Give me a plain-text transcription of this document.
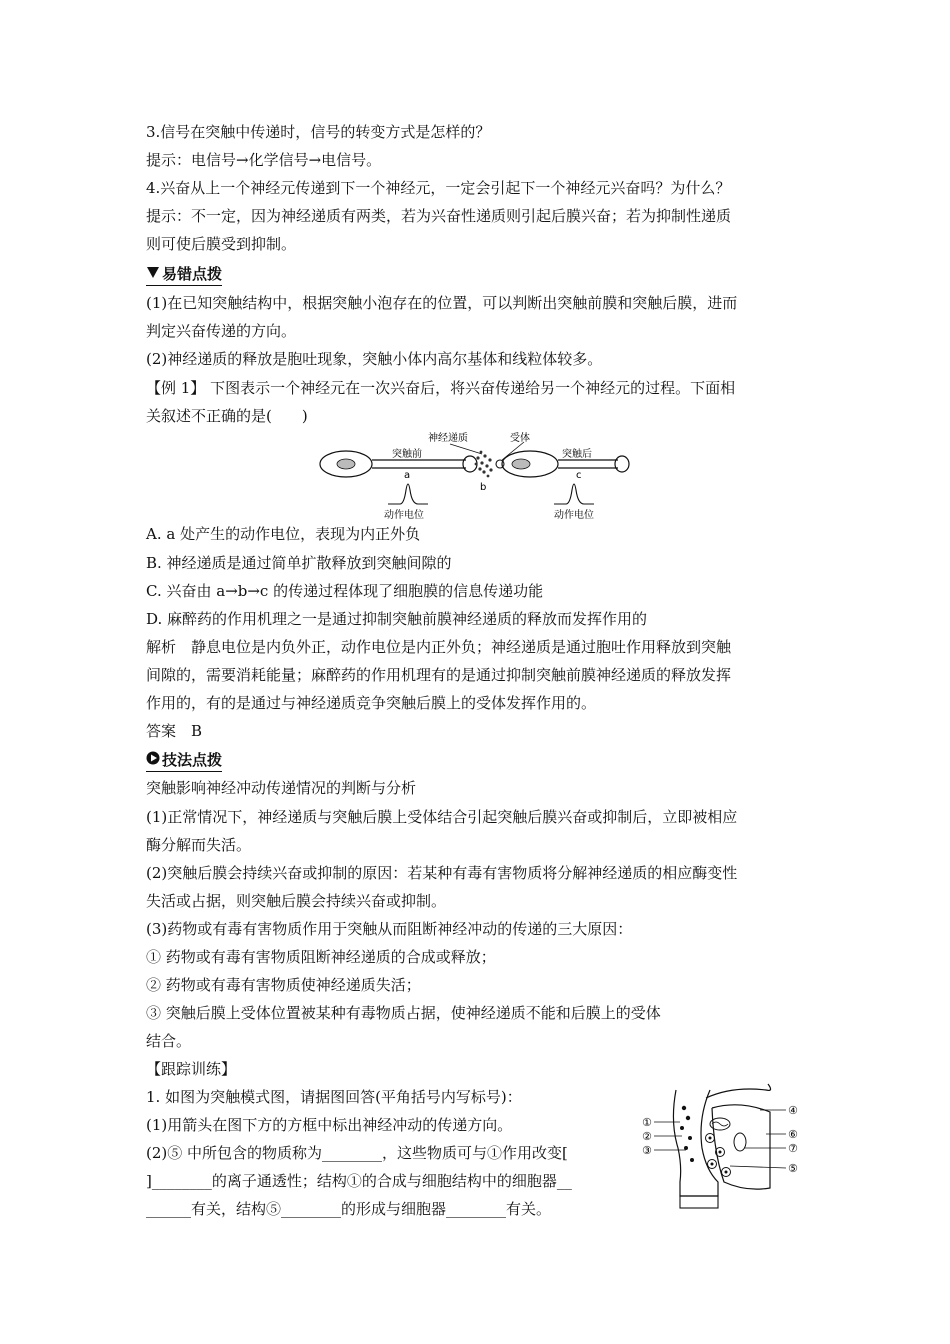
3.信号在突触中传递时，信号的转变方式是怎样的？
提示：电信号→化学信号→电信号。
4.兴奋从上一个神经元传递到下一个神经元，一定会引起下一个神经元兴奋吗？为什么？
提示：不一定，因为神经递质有两类，若为兴奋性递质则引起后膜兴奋；若为抑制性递质
则可使后膜受到抑制。
易错点拨
(1)在已知突触结构中，根据突触小泡存在的位置，可以判断出突触前膜和突触后膜，进而
判定兴奋传递的方向。
(2)神经递质的释放是胞吐现象，突触小体内高尔基体和线粒体较多。
【例 1】 下图表示一个神经元在一次兴奋后，将兴奋传递给另一个神经元的过程。下面相
关叙述不正确的是(　　)
神经递质	受体
突触前	突触后
a
b
c
动作电位	动作电位
A. a 处产生的动作电位，表现为内正外负
B. 神经递质是通过简单扩散释放到突触间隙的
C. 兴奋由 a→b→c 的传递过程体现了细胞膜的信息传递功能
D. 麻醉药的作用机理之一是通过抑制突触前膜神经递质的释放而发挥作用的
解析　静息电位是内负外正，动作电位是内正外负；神经递质是通过胞吐作用释放到突触
间隙的，需要消耗能量；麻醉药的作用机理有的是通过抑制突触前膜神经递质的释放发挥
作用的，有的是通过与神经递质竞争突触后膜上的受体发挥作用的。
答案　B
技法点拨
突触影响神经冲动传递情况的判断与分析
(1)正常情况下，神经递质与突触后膜上受体结合引起突触后膜兴奋或抑制后，立即被相应
酶分解而失活。
(2)突触后膜会持续兴奋或抑制的原因：若某种有毒有害物质将分解神经递质的相应酶变性
失活或占据，则突触后膜会持续兴奋或抑制。
(3)药物或有毒有害物质作用于突触从而阻断神经冲动的传递的三大原因：
① 药物或有毒有害物质阻断神经递质的合成或释放；
② 药物或有毒有害物质使神经递质失活；
③ 突触后膜上受体位置被某种有毒物质占据，使神经递质不能和后膜上的受体
结合。
【跟踪训练】
1. 如图为突触模式图，请据图回答(平角括号内写标号)：
(1)用箭头在图下方的方框中标出神经冲动的传递方向。
(2)⑤ 中所包含的物质称为________，这些物质可与①作用改变[
]________的离子通透性；结构①的合成与细胞结构中的细胞器__
______有关，结构⑤________的形成与细胞器________有关。
①
②
③
④
⑥
⑦
⑤
